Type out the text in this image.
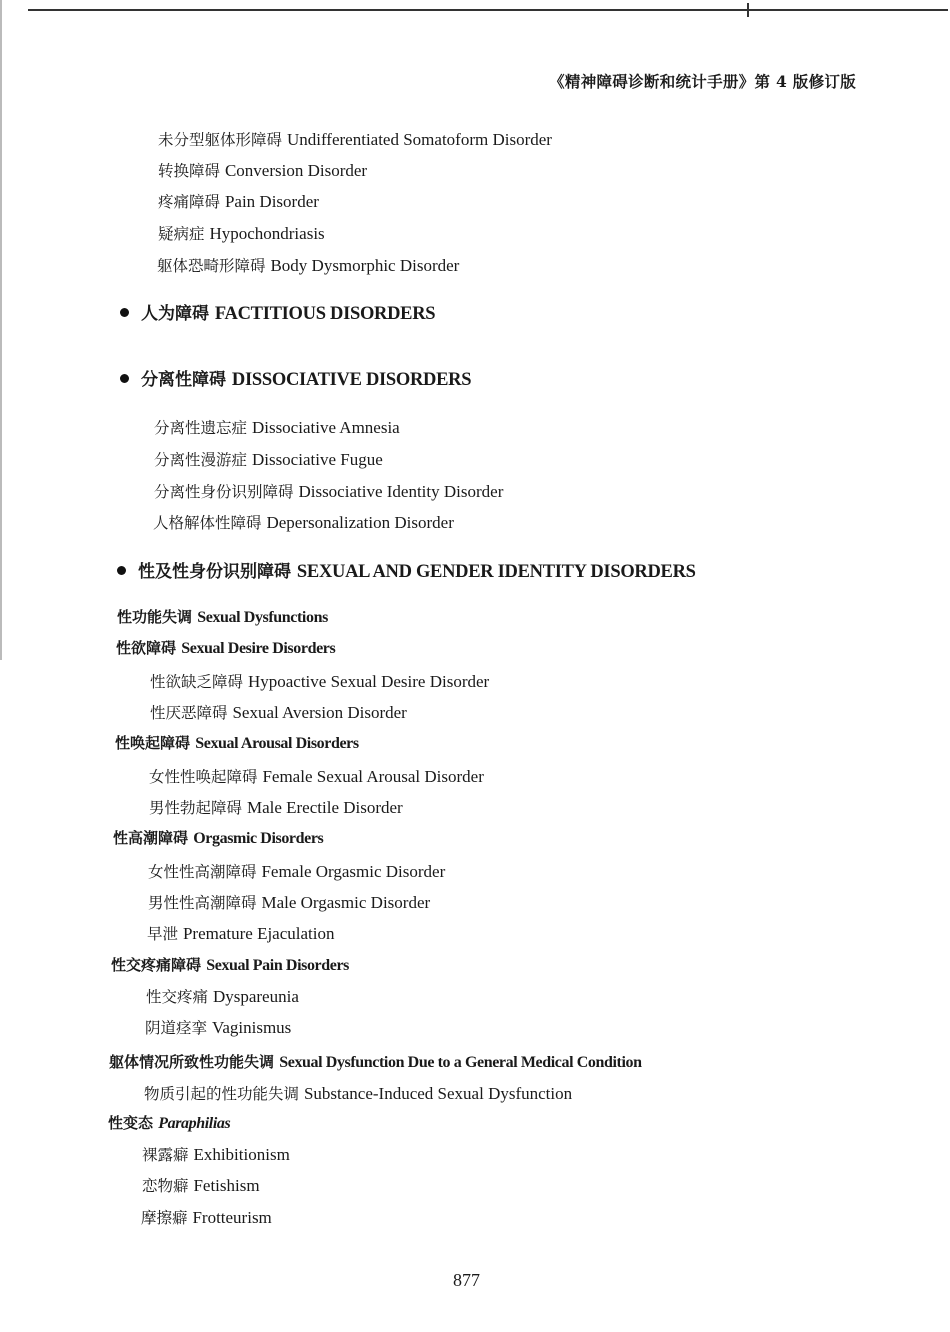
《精神障碍诊断和统计手册》第 4 版修订版
未分型躯体形障碍 Undifferentiated Somatoform Disorder
转换障碍 Conversion Disorder
疼痛障碍 Pain Disorder
疑病症 Hypochondriasis
躯体恐畸形障碍 Body Dysmorphic Disorder
人为障碍 FACTITIOUS DISORDERS
分离性障碍 DISSOCIATIVE DISORDERS
分离性遗忘症 Dissociative Amnesia
分离性漫游症 Dissociative Fugue
分离性身份识别障碍 Dissociative Identity Disorder
人格解体性障碍 Depersonalization Disorder
性及性身份识别障碍 SEXUAL AND GENDER IDENTITY DISORDERS
性功能失调 Sexual Dysfunctions
性欲障碍 Sexual Desire Disorders
性欲缺乏障碍 Hypoactive Sexual Desire Disorder
性厌恶障碍 Sexual Aversion Disorder
性唤起障碍 Sexual Arousal Disorders
女性性唤起障碍 Female Sexual Arousal Disorder
男性勃起障碍 Male Erectile Disorder
性高潮障碍 Orgasmic Disorders
女性性高潮障碍 Female Orgasmic Disorder
男性性高潮障碍 Male Orgasmic Disorder
早泄 Premature Ejaculation
性交疼痛障碍 Sexual Pain Disorders
性交疼痛 Dyspareunia
阴道痉挛 Vaginismus
躯体情况所致性功能失调 Sexual Dysfunction Due to a General Medical Condition
物质引起的性功能失调 Substance-Induced Sexual Dysfunction
性变态 Paraphilias
裸露癖 Exhibitionism
恋物癖 Fetishism
摩擦癖 Frotteurism
877
